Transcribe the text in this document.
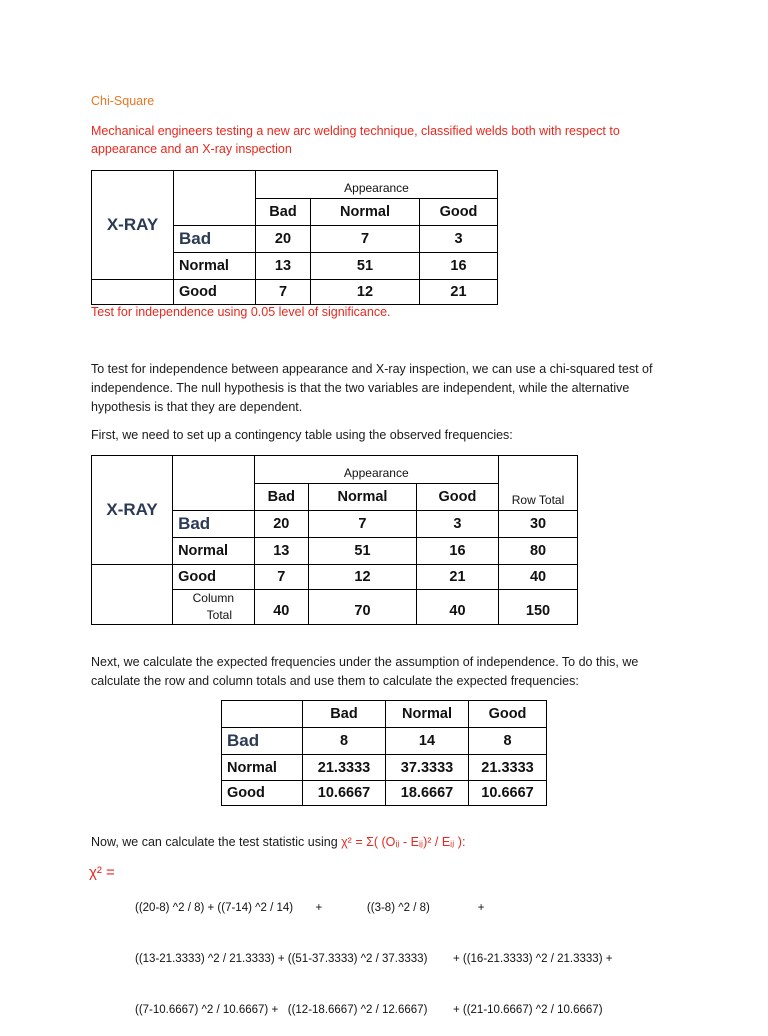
Chi-Square
Mechanical engineers testing a new arc welding technique, classified welds both with respect to
appearance and an X-ray inspection
X-RAY		Appearance		
		Bad	Normal	Good
	Bad	20	7	3
	Normal	13	51	16
	Good	7	12	21
Test for independence using 0.05 level of significance.
To test for independence between appearance and X-ray inspection, we can use a chi-squared test of
independence. The null hypothesis is that the two variables are independent, while the alternative
hypothesis is that they are dependent.
First, we need to set up a contingency table using the observed frequencies:
X-RAY		Appearance			
		Bad	Normal	Good	Row Total
	Bad	20	7	3	30
	Normal	13	51	16	80
	Good	7	12	21	40

	Column
Total	40	70	40	150
Next, we calculate the expected frequencies under the assumption of independence. To do this, we
calculate the row and column totals and use them to calculate the expected frequencies:
	Bad	Normal	Good
Bad	8	14	8
Normal	21.3333	37.3333	21.3333
Good	10.6667	18.6667	10.6667
Now, we can calculate the test statistic using χ² = Σ( (Oᵢⱼ - Eᵢⱼ)² / Eᵢⱼ ):
χ² =

((20-8) ^2 / 8) + ((7-14) ^2 / 14)       +              ((3-8) ^2 / 8)               +

((13-21.3333) ^2 / 21.3333) + ((51-37.3333) ^2 / 37.3333)        + ((16-21.3333) ^2 / 21.3333) +

((7-10.6667) ^2 / 10.6667) +   ((12-18.6667) ^2 / 12.6667)        + ((21-10.6667) ^2 / 10.6667)
